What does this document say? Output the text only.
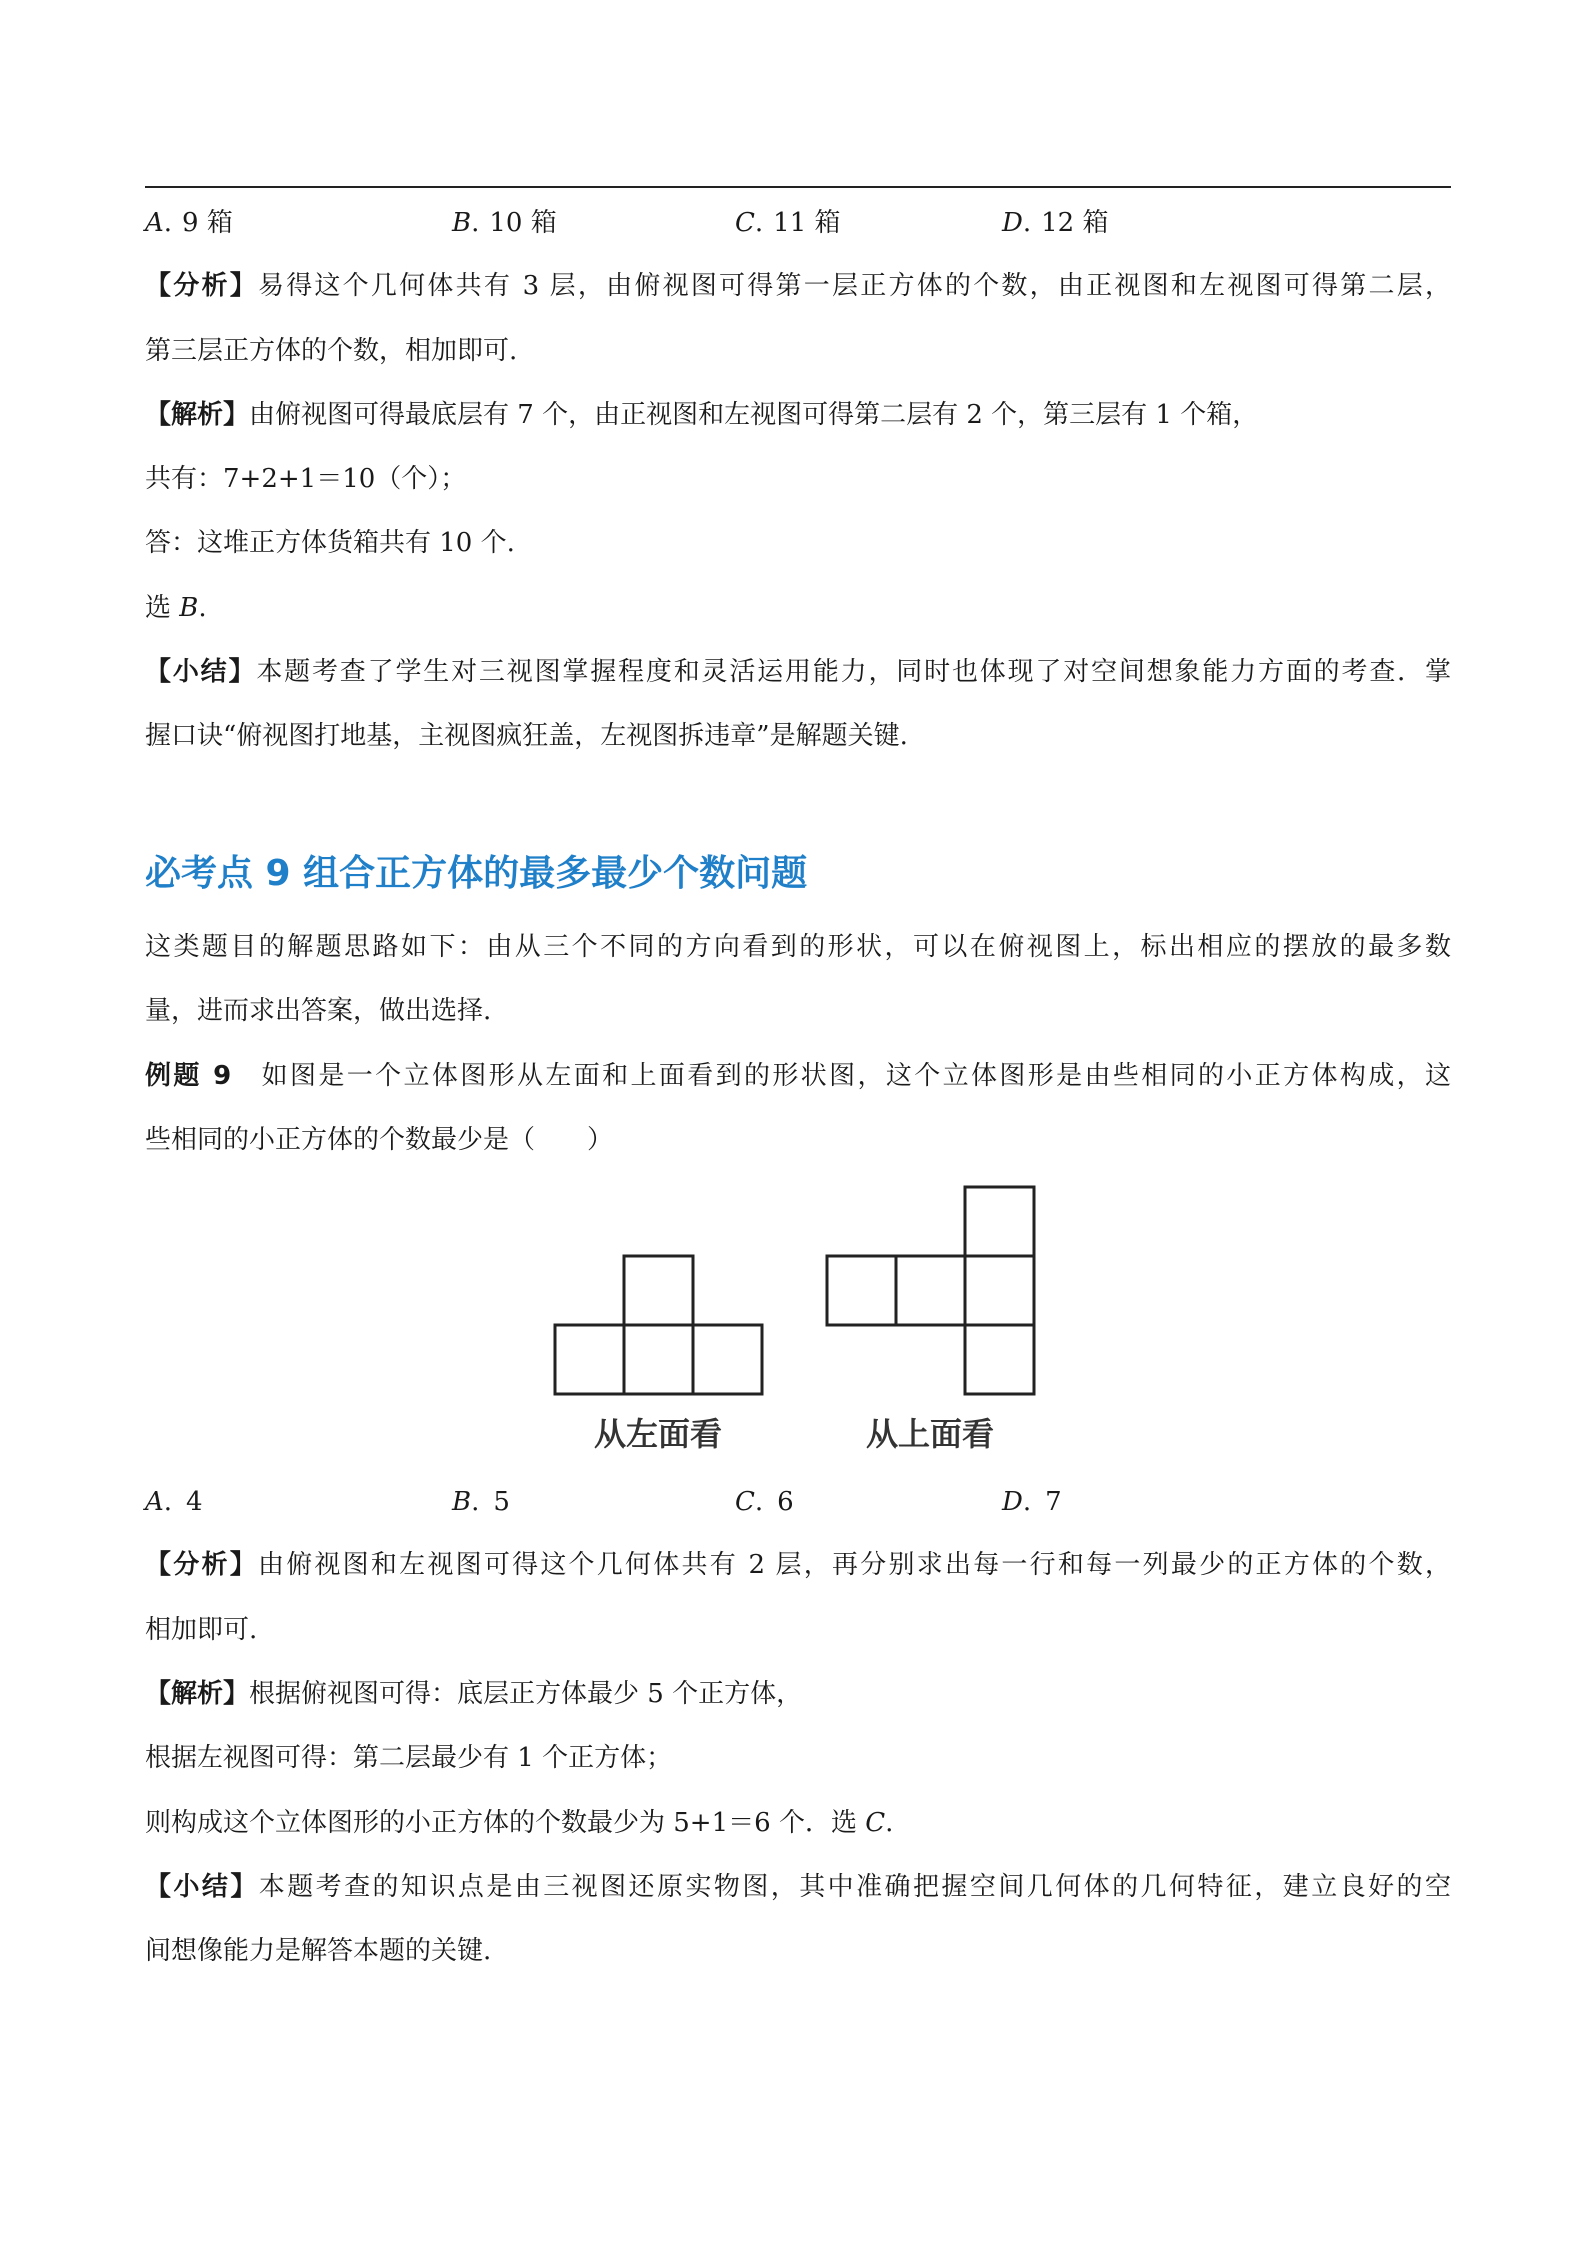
A. 9 箱	B. 10 箱	C. 11 箱	D. 12 箱
【分析】易得这个几何体共有 3 层，由俯视图可得第一层正方体的个数，由正视图和左视图可得第二层，
第三层正方体的个数，相加即可.
【解析】由俯视图可得最底层有 7 个，由正视图和左视图可得第二层有 2 个，第三层有 1 个箱，
共有：7+2+1＝10（个）；
答：这堆正方体货箱共有 10 个.
选 B.
【小结】本题考查了学生对三视图掌握程度和灵活运用能力，同时也体现了对空间想象能力方面的考查．掌
握口诀“俯视图打地基，主视图疯狂盖，左视图拆违章”是解题关键.
必考点 9 组合正方体的最多最少个数问题
这类题目的解题思路如下：由从三个不同的方向看到的形状，可以在俯视图上，标出相应的摆放的最多数
量，进而求出答案，做出选择.
例题 9 如图是一个立体图形从左面和上面看到的形状图，这个立体图形是由些相同的小正方体构成，这
些相同的小正方体的个数最少是（　　）
从左面看	从上面看
A. 4	B. 5	C. 6	D. 7
【分析】由俯视图和左视图可得这个几何体共有 2 层，再分别求出每一行和每一列最少的正方体的个数，
相加即可.
【解析】根据俯视图可得：底层正方体最少 5 个正方体，
根据左视图可得：第二层最少有 1 个正方体；
则构成这个立体图形的小正方体的个数最少为 5+1＝6 个．选 C.
【小结】本题考查的知识点是由三视图还原实物图，其中准确把握空间几何体的几何特征，建立良好的空
间想像能力是解答本题的关键.
